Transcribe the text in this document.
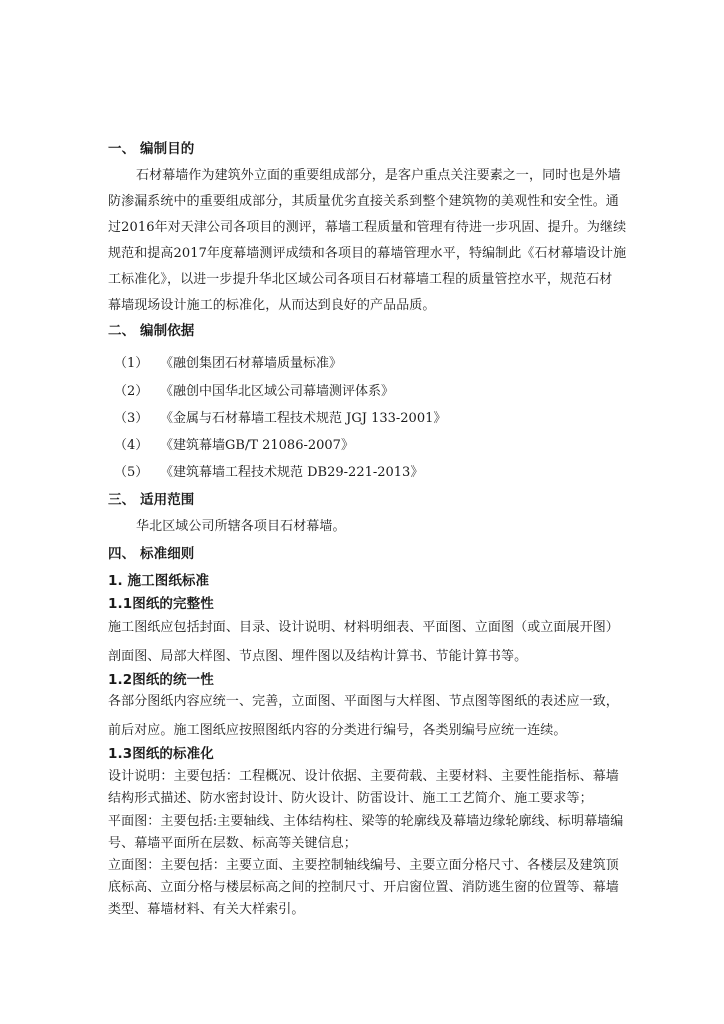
一、 编制目的
石材幕墙作为建筑外立面的重要组成部分，是客户重点关注要素之一，同时也是外墙
防渗漏系统中的重要组成部分，其质量优劣直接关系到整个建筑物的美观性和安全性。通
过2016年对天津公司各项目的测评，幕墙工程质量和管理有待进一步巩固、提升。为继续
规范和提高2017年度幕墙测评成绩和各项目的幕墙管理水平，特编制此《石材幕墙设计施
工标准化》，以进一步提升华北区域公司各项目石材幕墙工程的质量管控水平，规范石材
幕墙现场设计施工的标准化，从而达到良好的产品品质。
二、 编制依据
（1） 《融创集团石材幕墙质量标准》
（2） 《融创中国华北区域公司幕墙测评体系》
（3） 《金属与石材幕墙工程技术规范 JGJ 133-2001》
（4） 《建筑幕墙GB/T 21086-2007》
（5） 《建筑幕墙工程技术规范 DB29-221-2013》
三、 适用范围
华北区域公司所辖各项目石材幕墙。
四、 标准细则
1. 施工图纸标准
1.1图纸的完整性
施工图纸应包括封面、目录、设计说明、材料明细表、平面图、立面图（或立面展开图）
剖面图、局部大样图、节点图、埋件图以及结构计算书、节能计算书等。
1.2图纸的统一性
各部分图纸内容应统一、完善，立面图、平面图与大样图、节点图等图纸的表述应一致，
前后对应。施工图纸应按照图纸内容的分类进行编号，各类别编号应统一连续。
1.3图纸的标准化
设计说明：主要包括：工程概况、设计依据、主要荷载、主要材料、主要性能指标、幕墙
结构形式描述、防水密封设计、防火设计、防雷设计、施工工艺简介、施工要求等；
平面图：主要包括:主要轴线、主体结构柱、梁等的轮廓线及幕墙边缘轮廓线、标明幕墙编
号、幕墙平面所在层数、标高等关键信息；
立面图：主要包括：主要立面、主要控制轴线编号、主要立面分格尺寸、各楼层及建筑顶
底标高、立面分格与楼层标高之间的控制尺寸、开启窗位置、消防逃生窗的位置等、幕墙
类型、幕墙材料、有关大样索引。
